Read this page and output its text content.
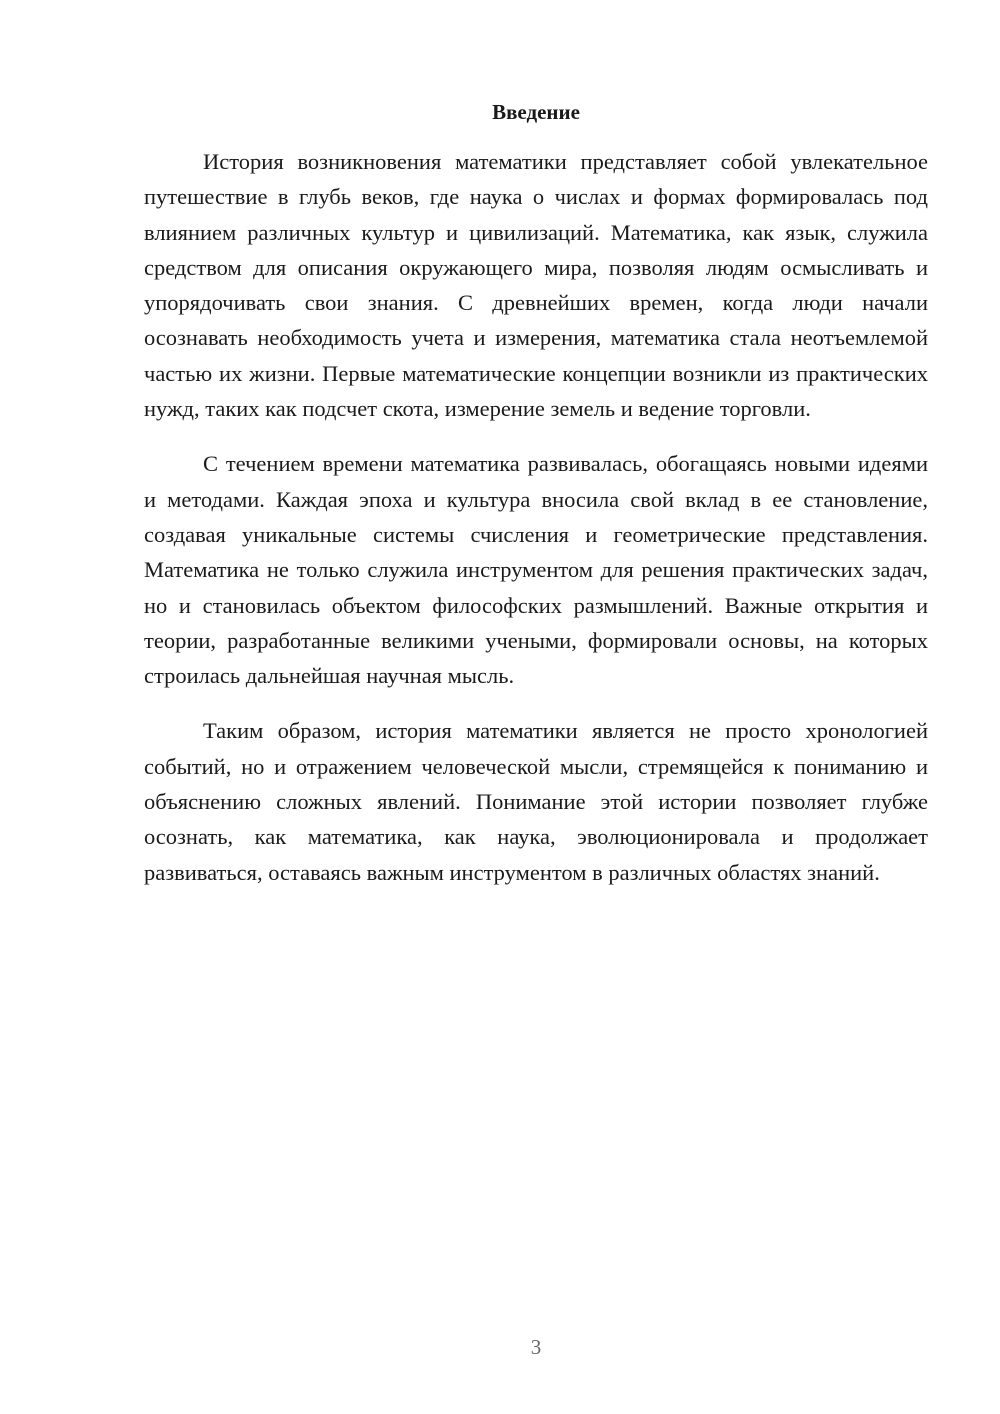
Введение

История возникновения математики представляет собой увлекательное путешествие в глубь веков, где наука о числах и формах формировалась под влиянием различных культур и цивилизаций. Математика, как язык, служила средством для описания окружающего мира, позволяя людям осмысливать и упорядочивать свои знания. С древнейших времен, когда люди начали осознавать необходимость учета и измерения, математика стала неотъемлемой частью их жизни. Первые математические концепции возникли из практических нужд, таких как подсчет скота, измерение земель и ведение торговли.

С течением времени математика развивалась, обогащаясь новыми идеями и методами. Каждая эпоха и культура вносила свой вклад в ее становление, создавая уникальные системы счисления и геометрические представления. Математика не только служила инструментом для решения практических задач, но и становилась объектом философских размышлений. Важные открытия и теории, разработанные великими учеными, формировали основы, на которых строилась дальнейшая научная мысль.

Таким образом, история математики является не просто хронологией событий, но и отражением человеческой мысли, стремящейся к пониманию и объяснению сложных явлений. Понимание этой истории позволяет глубже осознать, как математика, как наука, эволюционировала и продолжает развиваться, оставаясь важным инструментом в различных областях знаний.

3
